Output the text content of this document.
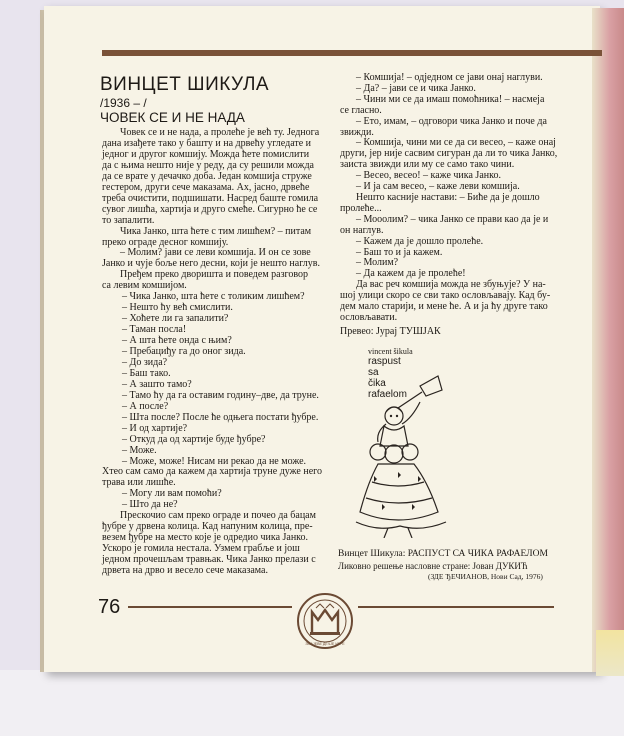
ВИНЦЕТ ШИКУЛА
/1936 – /
ЧОВЕК СЕ И НЕ НАДА
Човек се и не нада, а пролеће је већ ту. Једнога
дана изађете тако у башту и на дрвећу угледате и
једног и другог комшију. Можда ћете помислити
да с њима нешто није у реду, да су решили можда
да се врате у дечачко доба. Један комшија струже
гестером, други сече маказама. Ах, јасно, дрвеће
треба очистити, подшишати. Насред баште гомила
сувог лишћа, хартија и друго смеће. Сигурно ће се
то запалити.
Чика Јанко, шта ћете с тим лишћем? – питам
преко ограде десног комшију.
– Молим? јави се леви комшија. И он се зове
Јанко и чује боље него десни, који је нешто наглув.
Пређем преко дворишта и поведем разговор
са левим комшијом.
– Чика Јанко, шта ћете с толиким лишћем?
– Нешто ћу већ смислити.
– Хоћете ли га запалити?
– Таман посла!
– А шта ћете онда с њим?
– Пребациђу га до оног зида.
– До зида?
– Баш тако.
– А зашто тамо?
– Тамо ћу да га оставим годину–две, да труне.
– А после?
– Шта после? После ће одњега постати ђубре.
– И од хартије?
– Откуд да од хартије буде ђубре?
– Може.
– Може, може! Нисам ни рекао да не може.
Хтео сам само да кажем да хартија труне дуже него
трава или лишће.
– Могу ли вам помоћи?
– Што да не?
Прескочио сам преко ограде и почео да бацам
ђубре у дрвена колица. Кад напуним колица, пре-
везем ђубре на место које је одредио чика Јанко.
Ускоро је гомила нестала. Узмем грабље и још
једном прочешљам травњак. Чика Јанко прелази с
дрвета на дрво и весело сече маказама.
– Комшија! – одједном се јави онај наглуви.
– Да? – јави се и чика Јанко.
– Чини ми се да имаш помоћника! – насмеја
се гласно.
– Ето, имам, – одговори чика Јанко и поче да
звижди.
– Комшија, чини ми се да си весео, – каже онај
други, јер није сасвим сигуран да ли то чика Јанко,
заиста звижди или му се само тако чини.
– Весео, весео! – каже чика Јанко.
– И ја сам весео, – каже леви комшија.
Нешто касније настави: – Биће да је дошло
пролеће...
– Мооолим? – чика Јанко се прави као да је и
он наглув.
– Кажем да је дошло пролеће.
– Баш то и ја кажем.
– Молим?
– Да кажем да је пролеће!
Да вас реч комшија можда не збуњује? У на-
шој улици скоро се сви тако ословљавају. Кад бу-
дем мало старији, и мене ће. А и ја ћу друге тако
ословљавати.
Превео: Јурај ТУШЈАК
vincent šikula
raspust
sa
čika
rafaelom
Винцет Шикула: РАСПУСТ СА ЧИКА РАФАЕЛОМ
Ликовно решење насловне стране: Јован ДУКИЋ
(ЗДЕ ЂЕЧИАНОВ, Нови Сад, 1976)
76
ЗМАЈЕВЕ ДЕЧЈЕ ИГРЕ
